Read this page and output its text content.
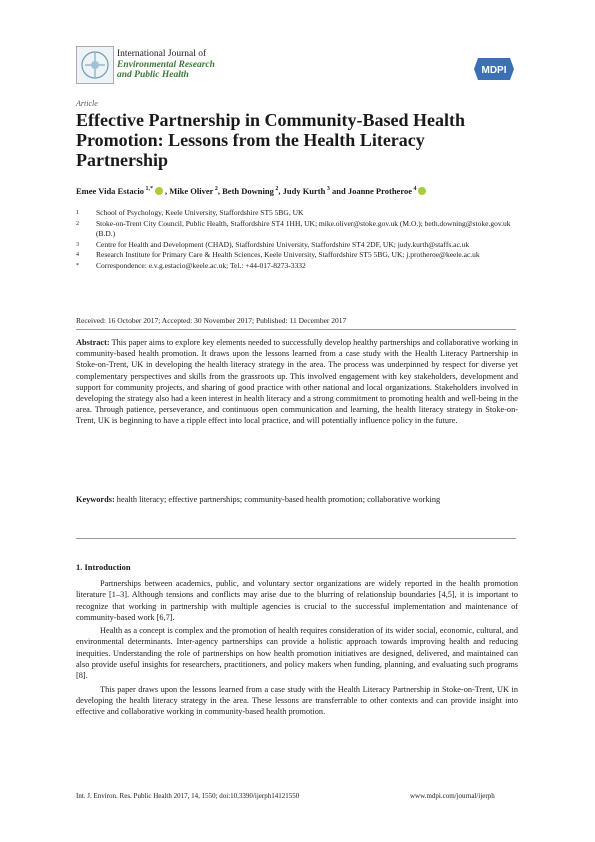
International Journal of
Environmental Research
and Public Health	MDPI
Article
Effective Partnership in Community-Based Health Promotion: Lessons from the Health Literacy Partnership
Emee Vida Estacio $^{1,*}$ , Mike Oliver $^2$, Beth Downing $^2$, Judy Kurth $^3$ and Joanne Protheroe $^4$
1	School of Psychology, Keele University, Staffordshire ST5 5BG, UK
2	Stoke-on-Trent City Council, Public Health, Staffordshire ST4 1HH, UK; mike.oliver@stoke.gov.uk (M.O.); beth.downing@stoke.gov.uk (B.D.)
3	Centre for Health and Development (CHAD), Staffordshire University, Staffordshire ST4 2DF, UK; judy.kurth@staffs.ac.uk
4	Research Institute for Primary Care & Health Sciences, Keele University, Staffordshire ST5 5BG, UK; j.protheroe@keele.ac.uk
*	Correspondence: e.v.g.estacio@keele.ac.uk; Tel.: +44-017-8273-3332
Received: 16 October 2017; Accepted: 30 November 2017; Published: 11 December 2017
Abstract: This paper aims to explore key elements needed to successfully develop healthy partnerships and collaborative working in community-based health promotion. It draws upon the lessons learned from a case study with the Health Literacy Partnership in Stoke-on-Trent, UK in developing the health literacy strategy in the area. The process was underpinned by respect for diverse yet complementary perspectives and skills from the grassroots up. This involved engagement with key stakeholders, development and support for community projects, and sharing of good practice with other national and local organizations. Stakeholders involved in developing the strategy also had a keen interest in health literacy and a strong commitment to promoting health and well-being in the area. Through patience, perseverance, and continuous open communication and learning, the health literacy strategy in Stoke-on-Trent, UK is beginning to have a ripple effect into local practice, and will potentially influence policy in the future.
Keywords: health literacy; effective partnerships; community-based health promotion; collaborative working
1. Introduction

Partnerships between academics, public, and voluntary sector organizations are widely reported in the health promotion literature [1–3]. Although tensions and conflicts may arise due to the blurring of relationship boundaries [4,5], it is important to recognize that working in partnership with multiple agencies is crucial to the successful implementation and maintenance of community-based work [6,7].

Health as a concept is complex and the promotion of health requires consideration of its wider social, economic, cultural, and environmental determinants. Inter-agency partnerships can provide a holistic approach towards improving health and reducing inequities. Understanding the role of partnerships on how health promotion initiatives are designed, delivered, and maintained can also provide useful insights for researchers, practitioners, and policy makers when funding, planning, and evaluating such programs [8].

This paper draws upon the lessons learned from a case study with the Health Literacy Partnership in Stoke-on-Trent, UK in developing the health literacy strategy in the area. These lessons are transferrable to other contexts and can provide insight into effective and collaborative working in community-based health promotion.

Int. J. Environ. Res. Public Health 2017, 14, 1550; doi:10.3390/ijerph14121550	www.mdpi.com/journal/ijerph
